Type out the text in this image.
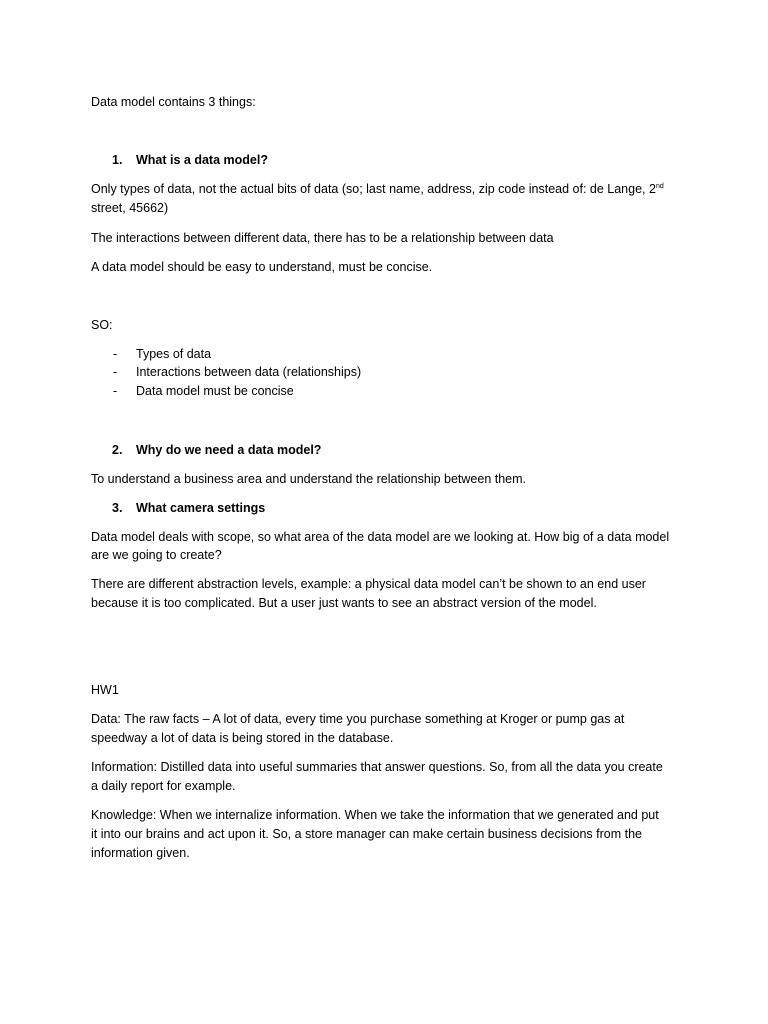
Data model contains 3 things:
1. What is a data model?
Only types of data, not the actual bits of data (so; last name, address, zip code instead of: de Lange, 2nd
street, 45662)
The interactions between different data, there has to be a relationship between data
A data model should be easy to understand, must be concise.
SO:
- Types of data
- Interactions between data (relationships)
- Data model must be concise
2. Why do we need a data model?
To understand a business area and understand the relationship between them.
3. What camera settings
Data model deals with scope, so what area of the data model are we looking at. How big of a data model
are we going to create?
There are different abstraction levels, example: a physical data model can’t be shown to an end user
because it is too complicated. But a user just wants to see an abstract version of the model.
HW1
Data: The raw facts – A lot of data, every time you purchase something at Kroger or pump gas at
speedway a lot of data is being stored in the database.
Information: Distilled data into useful summaries that answer questions. So, from all the data you create
a daily report for example.
Knowledge: When we internalize information. When we take the information that we generated and put
it into our brains and act upon it. So, a store manager can make certain business decisions from the
information given.
